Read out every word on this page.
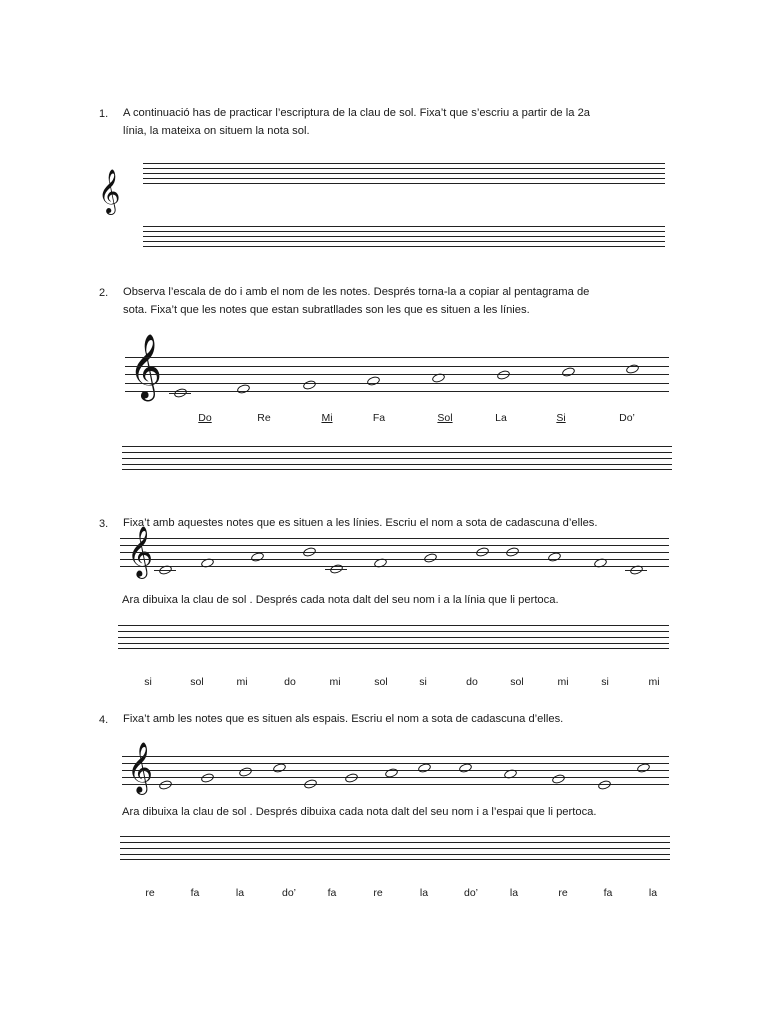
1. A continuació has de practicar l’escriptura de la clau de sol. Fixa’t que s’escriu a partir de la 2a
línia, la mateixa on situem la nota sol.
𝄞
2. Observa l’escala de do i amb el nom de les notes. Després torna-la a copiar al pentagrama de
sota. Fixa’t que les notes que estan subratllades son les que es situen a les línies.
𝄞
Do	Re	Mi	Fa	Sol	La	Si	Do’
3. Fixa’t amb aquestes notes que es situen a les línies. Escriu el nom a sota de cadascuna d’elles.
𝄞
si	sol	mi	do	mi	sol	si	do	sol	mi	si	mi
Ara dibuixa la clau de sol . Després cada nota dalt del seu nom i a la línia que li pertoca.
4. Fixa’t amb les notes que es situen als espais. Escriu el nom a sota de cadascuna d’elles.
𝄞
re	fa	la	do’	fa	re	la	do’	la	re	fa	la
Ara dibuixa la clau de sol . Després dibuixa cada nota dalt del seu nom i a l’espai que li pertoca.
